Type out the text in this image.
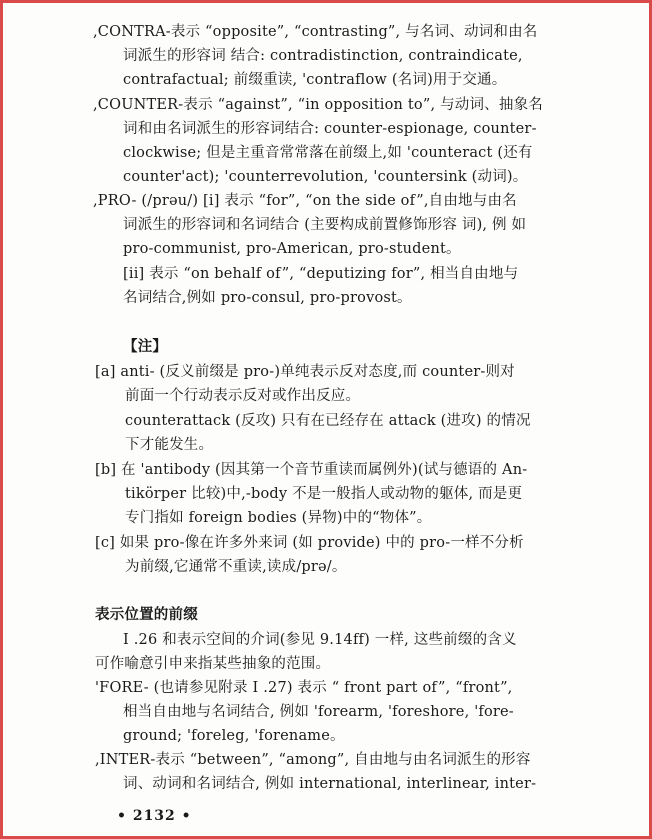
,CONTRA-表示 “opposite”, “contrasting”, 与名词、动词和由名
词派生的形容词 结合: contradistinction, contraindicate,
contrafactual; 前缀重读, 'contraflow (名词)用于交通。
,COUNTER-表示 “against”, “in opposition to”, 与动词、抽象名
词和由名词派生的形容词结合: counter-espionage, counter-
clockwise; 但是主重音常常落在前缀上,如 'counteract (还有
counter'act); 'counterrevolution, 'countersink (动词)。
,PRO- (/prəu/) [i] 表示 “for”, “on the side of”,自由地与由名
词派生的形容词和名词结合 (主要构成前置修饰形容 词), 例 如
pro-communist, pro-American, pro-student。
[ii] 表示 “on behalf of”, “deputizing for”, 相当自由地与
名词结合,例如 pro-consul, pro-provost。
【注】
[a] anti- (反义前缀是 pro-)单纯表示反对态度,而 counter-则对
前面一个行动表示反对或作出反应。
counterattack (反攻) 只有在已经存在 attack (进攻) 的情况
下才能发生。
[b] 在 'antibody (因其第一个音节重读而属例外)(试与德语的 An-
tikörper 比较)中,-body 不是一般指人或动物的躯体, 而是更
专门指如 foreign bodies (异物)中的“物体”。
[c] 如果 pro-像在许多外来词 (如 provide) 中的 pro-一样不分析
为前缀,它通常不重读,读成/prə/。
表示位置的前缀
I .26 和表示空间的介词(参见 9.14ff) 一样, 这些前缀的含义
可作喻意引申来指某些抽象的范围。
'FORE- (也请参见附录 I .27) 表示 “ front part of”, “front”,
相当自由地与名词结合, 例如 'forearm, 'foreshore, 'fore-
ground; 'foreleg, 'forename。
,INTER-表示 “between”, “among”, 自由地与由名词派生的形容
词、动词和名词结合, 例如 international, interlinear, inter-
• 2132 •
